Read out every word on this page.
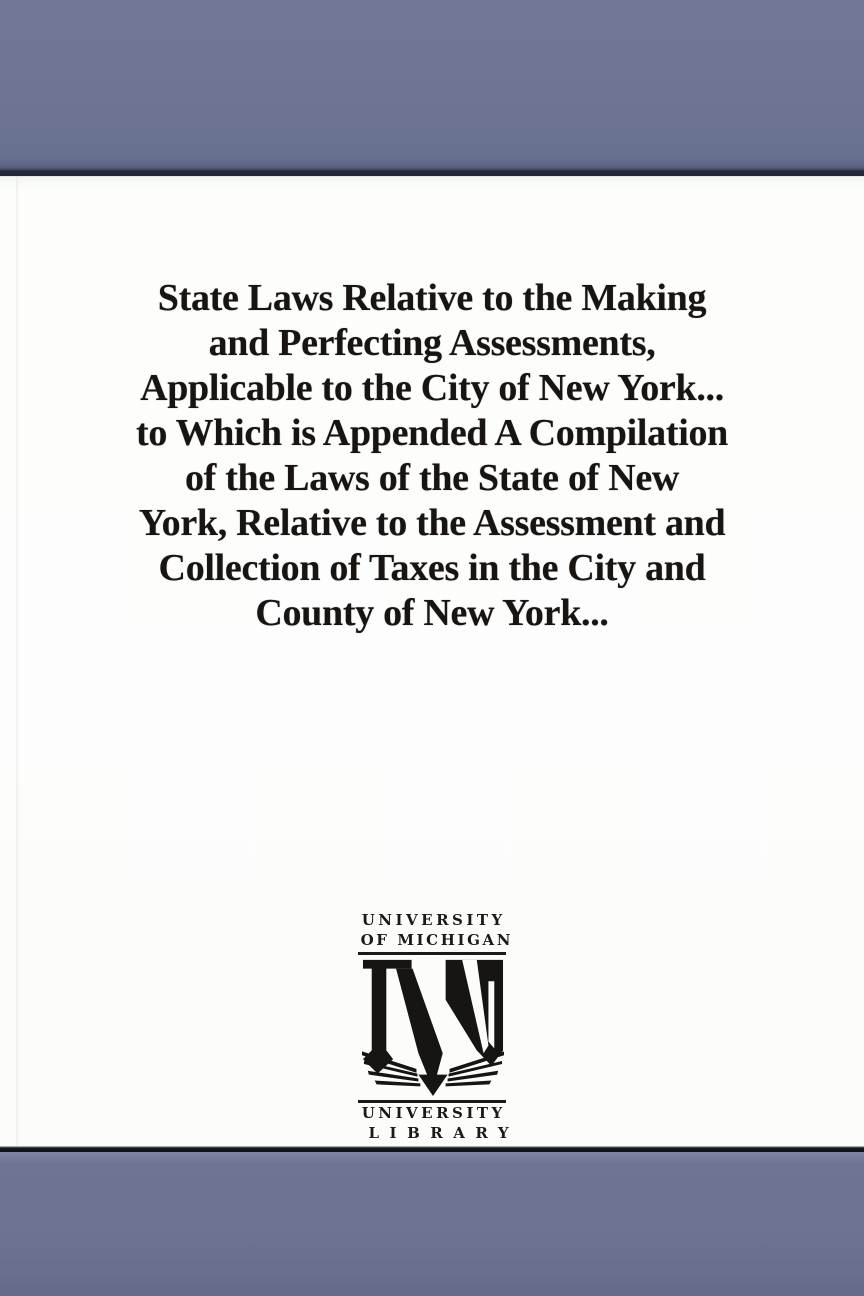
State Laws Relative to the Making

and Perfecting Assessments,

Applicable to the City of New York...

to Which is Appended A Compilation

of the Laws of the State of New

York, Relative to the Assessment and

Collection of Taxes in the City and

County of New York...

UNIVERSITY
OF MICHIGAN
UNIVERSITY
LIBRARY
